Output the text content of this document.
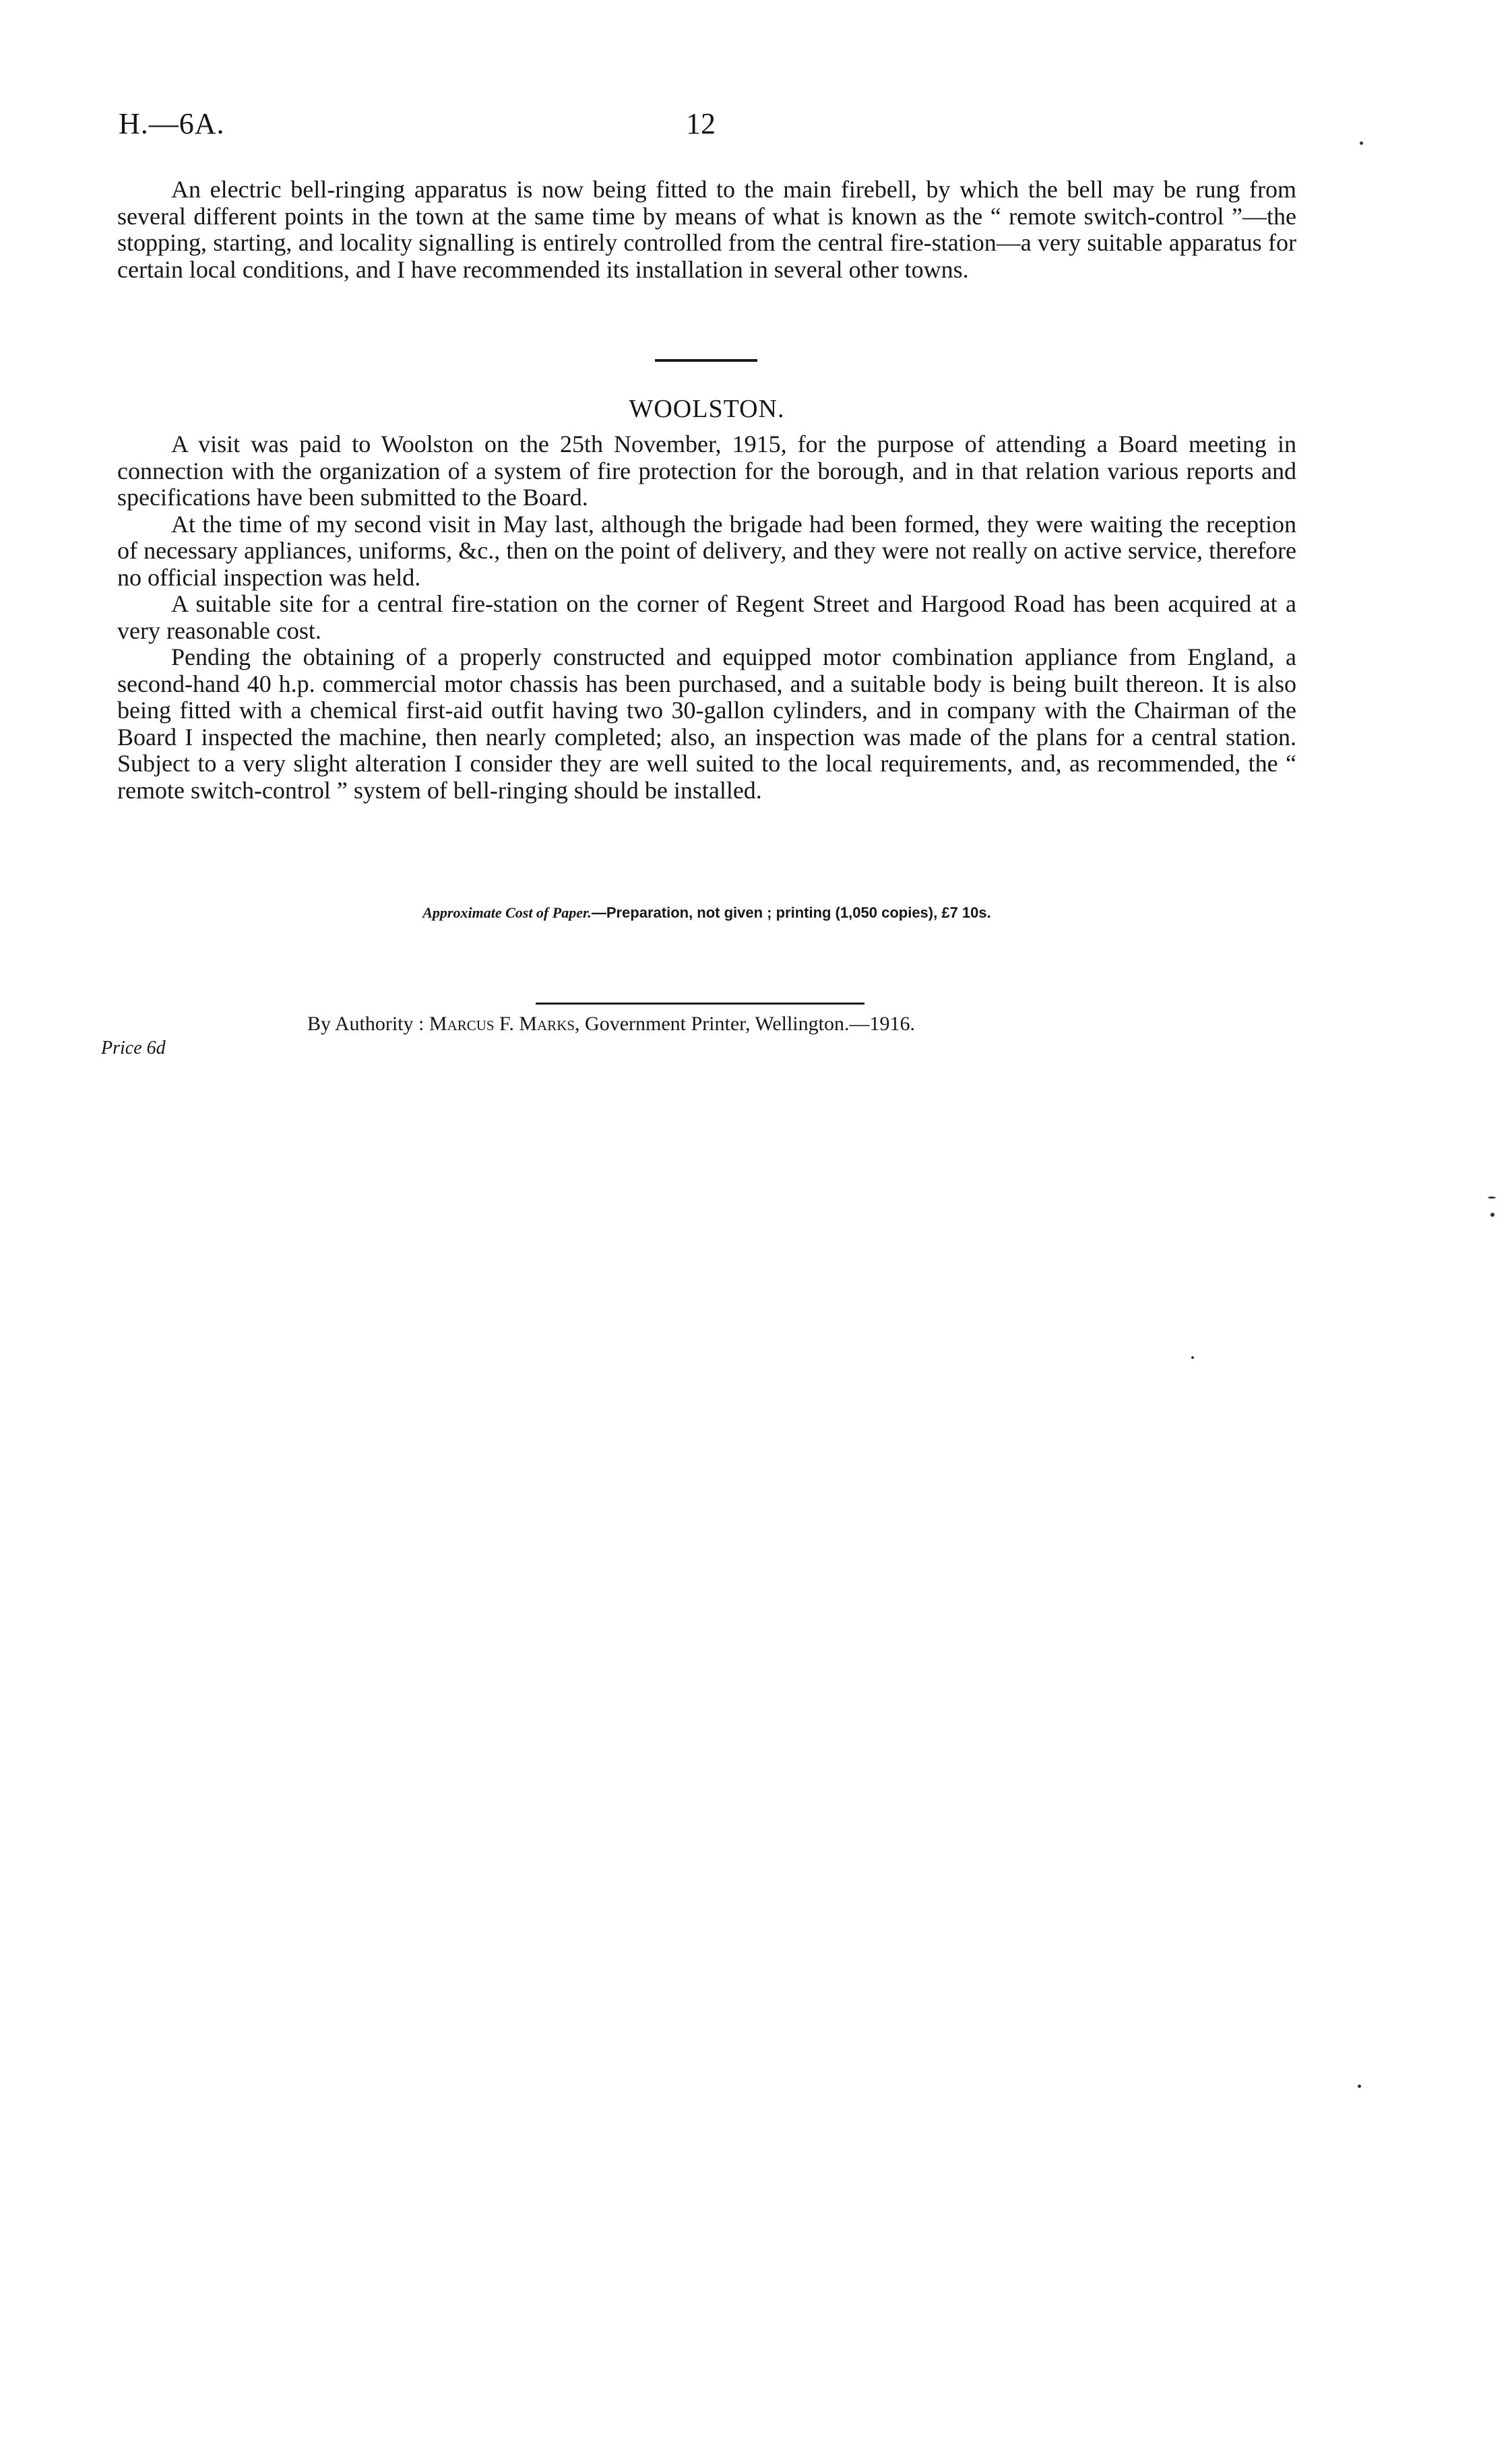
H.—6A.	12

An electric bell-ringing apparatus is now being fitted to the main firebell, by which the bell may be rung from several different points in the town at the same time by means of what is known as the “ remote switch-control ”—the stopping, starting, and locality signalling is entirely controlled from the central fire-station—a very suitable apparatus for certain local conditions, and I have recommended its installation in several other towns.

WOOLSTON.

A visit was paid to Woolston on the 25th November, 1915, for the purpose of attending a Board meeting in connection with the organization of a system of fire protection for the borough, and in that relation various reports and specifications have been submitted to the Board.

At the time of my second visit in May last, although the brigade had been formed, they were waiting the reception of necessary appliances, uniforms, &c., then on the point of delivery, and they were not really on active service, therefore no official inspection was held.

A suitable site for a central fire-station on the corner of Regent Street and Hargood Road has been acquired at a very reasonable cost.

Pending the obtaining of a properly constructed and equipped motor combination appliance from England, a second-hand 40 h.p. commercial motor chassis has been purchased, and a suitable body is being built thereon. It is also being fitted with a chemical first-aid outfit having two 30-gallon cylinders, and in company with the Chairman of the Board I inspected the machine, then nearly completed; also, an inspection was made of the plans for a central station. Subject to a very slight alteration I consider they are well suited to the local requirements, and, as recommended, the “ remote switch-control ” system of bell-ringing should be installed.

Approximate Cost of Paper.—Preparation, not given ; printing (1,050 copies), £7 10s.
By Authority : Marcus F. Marks, Government Printer, Wellington.—1916.
Price 6d
